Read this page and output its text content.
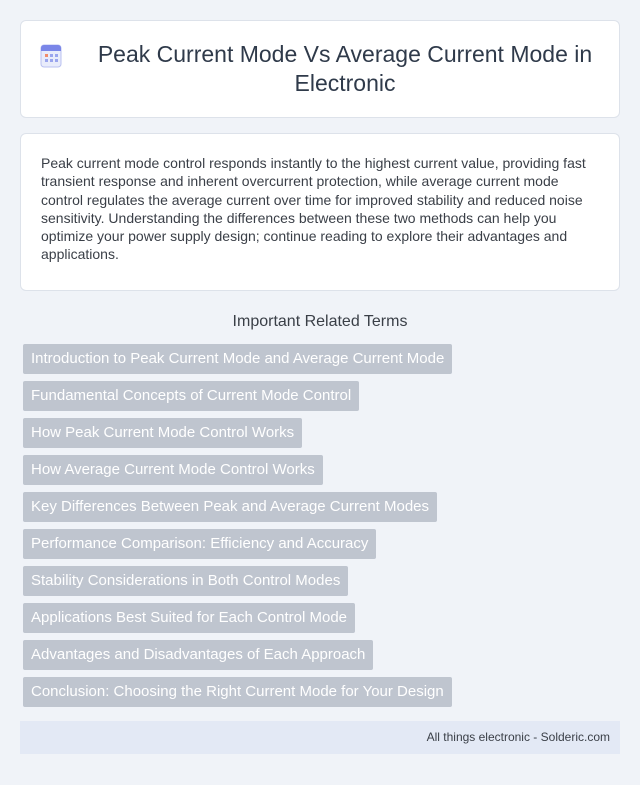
Peak Current Mode Vs Average Current Mode in Electronic

Peak current mode control responds instantly to the highest current value, providing fast transient response and inherent overcurrent protection, while average current mode control regulates the average current over time for improved stability and reduced noise sensitivity. Understanding the differences between these two methods can help you optimize your power supply design; continue reading to explore their advantages and applications.

Important Related Terms
Introduction to Peak Current Mode and Average Current Mode
Fundamental Concepts of Current Mode Control
How Peak Current Mode Control Works
How Average Current Mode Control Works
Key Differences Between Peak and Average Current Modes
Performance Comparison: Efficiency and Accuracy
Stability Considerations in Both Control Modes
Applications Best Suited for Each Control Mode
Advantages and Disadvantages of Each Approach
Conclusion: Choosing the Right Current Mode for Your Design
All things electronic - Solderic.com
